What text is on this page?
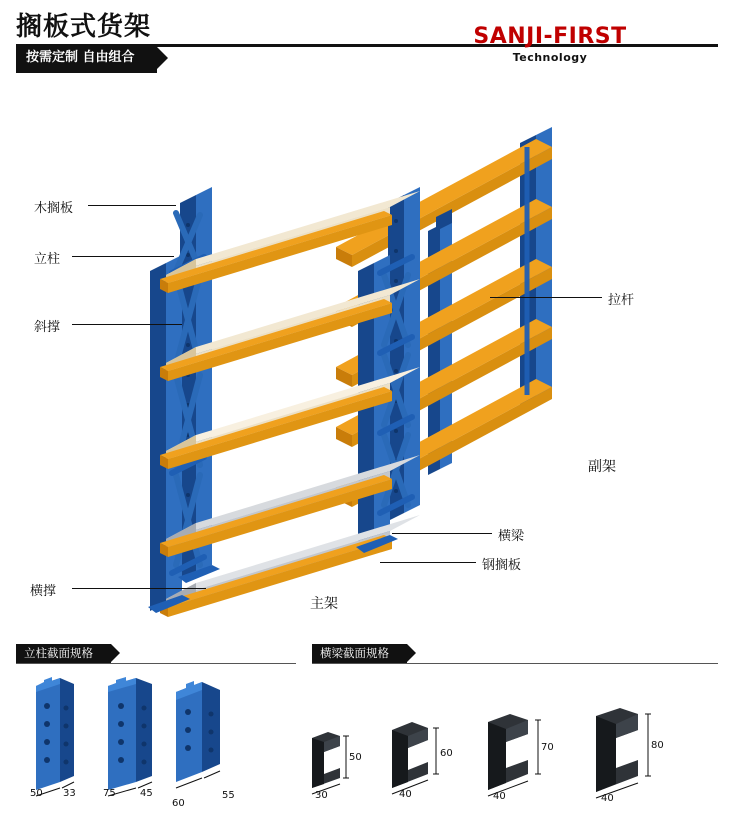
搁板式货架
按需定制 自由组合
SANJI-FIRST
Technology
木搁板
立柱
斜撑
横撑
拉杆
横梁
钢搁板
副架
主架
立柱截面规格
50 33	75 45
60
55
横梁截面规格
50
30
60
40
70
40
80
40
